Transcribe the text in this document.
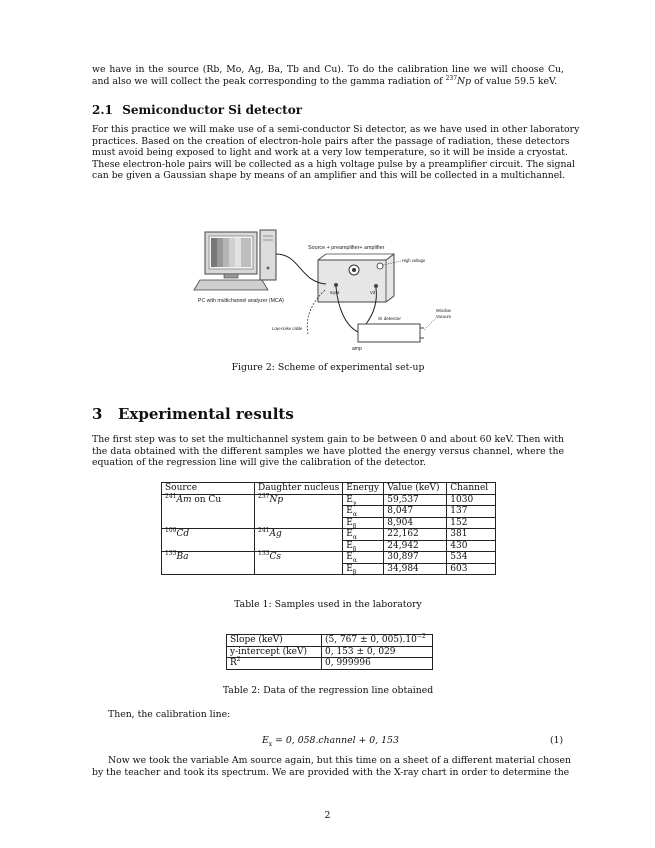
we have in the source (Rb, Mo, Ag, Ba, Tb and Cu). To do the calibration line we will choose Cu,
and also we will collect the peak corresponding to the gamma radiation of $^{237}$Np of value 59.5 keV.
2.1 Semiconductor Si detector
For this practice we will make use of a semi-conductor Si detector, as we have used in other laboratory
practices. Based on the creation of electron-hole pairs after the passage of radiation, these detectors
must avoid being exposed to light and work at a very low temperature, so it will be inside a cryostat.
These electron-hole pairs will be collected as a high voltage pulse by a preamplifier circuit. The signal
can be given a Gaussian shape by means of an amplifier and this will be collected in a multichannel.
PC with multichannel analyzer (MCA)
Source + preamplifier+ amplifier
High voltage
Input	Vd
Si detector
Window
Vacuum
amp
Low-noise cable
Figure 2: Scheme of experimental set-up
3 Experimental results
The first step was to set the multichannel system gain to be between 0 and about 60 keV. Then with
the data obtained with the different samples we have plotted the energy versus channel, where the
equation of the regression line will give the calibration of the detector.
Source	Daughter nucleus	Energy	Value (keV)	Channel
$^{241}$Am on Cu	$^{237}$Np	$E_\gamma$	59,537	1030
		$E_\alpha$	8,047	137
		$E_\beta$	8,904	152
$^{109}$Cd	$^{241}$Ag	$E_\alpha$	22,162	381
		$E_\beta$	24,942	430
$^{133}$Ba	$^{133}$Cs	$E_\alpha$	30,897	534
		$E_\beta$	34,984	603
Table 1: Samples used in the laboratory
Slope (keV)	(5, 767 ± 0, $005).10^{-2}$
y-intercept (keV)	0, 153 ± 0, 029
$R^2$	0, 999996
Table 2: Data of the regression line obtained
Then, the calibration line:
$E_x = 0$, 058.channel + 0, 153	(1)
Now we took the variable Am source again, but this time on a sheet of a different material chosen
by the teacher and took its spectrum. We are provided with the X-ray chart in order to determine the
2
